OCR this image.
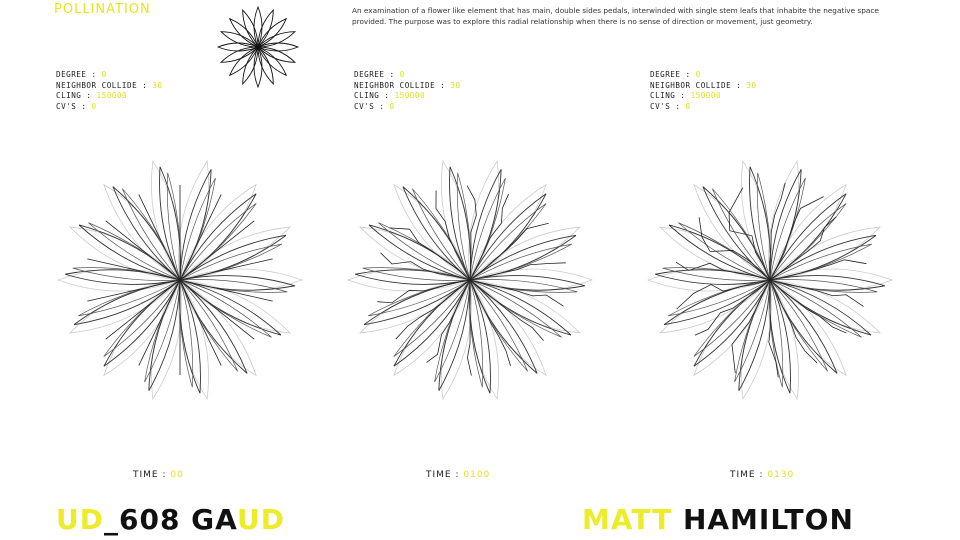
POLLINATION	An examination of a flower like element that has main, double sides pedals, interwinded with single stem leafs that inhabite the negative space provided. The purpose was to explore this radial relationship when there is no sense of direction or movement, just geometry.
DEGREE : 0
NEIGHBOR COLLIDE : 30
CLING : 150000
CV'S : 0
DEGREE : 0
NEIGHBOR COLLIDE : 30
CLING : 150000
CV'S : 0
DEGREE : 0
NEIGHBOR COLLIDE : 30
CLING : 150000
CV'S : 0
TIME : 00	TIME : 0100	TIME : 0130
UD_608 GAUD	MATT HAMILTON
